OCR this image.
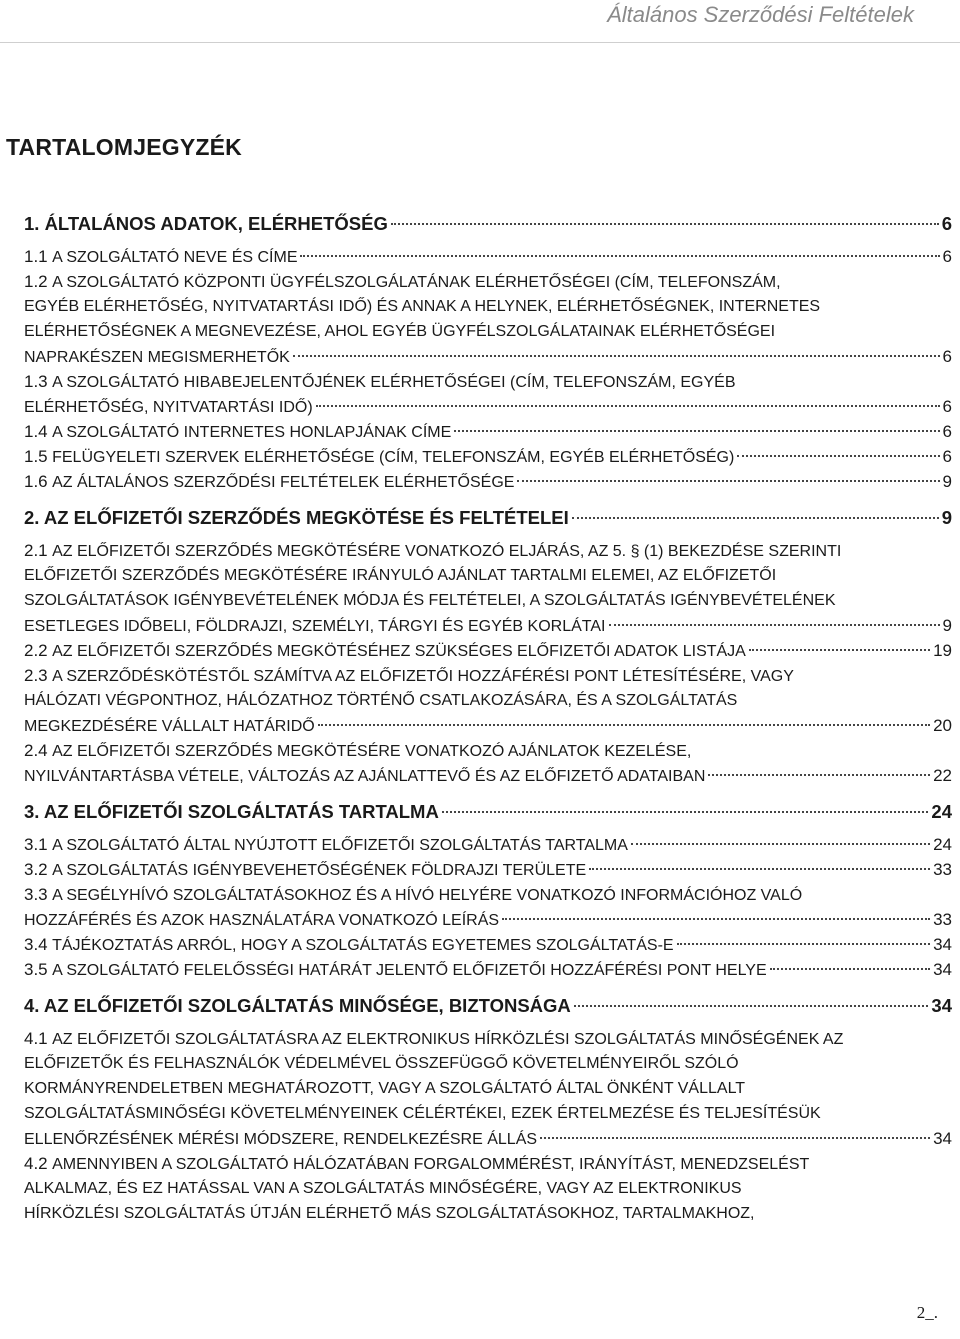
Általános Szerződési Feltételek
TARTALOMJEGYZÉK
1. ÁLTALÁNOS ADATOK, ELÉRHETŐSÉG	6
1.1
A SZOLGÁLTATÓ NEVE ÉS CÍME	6
1.2
A SZOLGÁLTATÓ KÖZPONTI ÜGYFÉLSZOLGÁLATÁNAK ELÉRHETŐSÉGEI (CÍM, TELEFONSZÁM,
EGYÉB ELÉRHETŐSÉG, NYITVATARTÁSI IDŐ) ÉS ANNAK A HELYNEK, ELÉRHETŐSÉGNEK, INTERNETES
ELÉRHETŐSÉGNEK A MEGNEVEZÉSE, AHOL EGYÉB ÜGYFÉLSZOLGÁLATAINAK ELÉRHETŐSÉGEI
NAPRAKÉSZEN MEGISMERHETŐK	6
1.3
A SZOLGÁLTATÓ HIBABEJELENTŐJÉNEK ELÉRHETŐSÉGEI (CÍM, TELEFONSZÁM, EGYÉB
ELÉRHETŐSÉG, NYITVATARTÁSI IDŐ)	6
1.4
A SZOLGÁLTATÓ INTERNETES HONLAPJÁNAK CÍME	6
1.5
FELÜGYELETI SZERVEK ELÉRHETŐSÉGE (CÍM, TELEFONSZÁM, EGYÉB ELÉRHETŐSÉG)	6
1.6
AZ ÁLTALÁNOS SZERZŐDÉSI FELTÉTELEK ELÉRHETŐSÉGE	9
2. AZ ELŐFIZETŐI SZERZŐDÉS MEGKÖTÉSE ÉS FELTÉTELEI	9
2.1
AZ ELŐFIZETŐI SZERZŐDÉS MEGKÖTÉSÉRE VONATKOZÓ ELJÁRÁS, AZ 5. § (1) BEKEZDÉSE SZERINTI
ELŐFIZETŐI SZERZŐDÉS MEGKÖTÉSÉRE IRÁNYULÓ AJÁNLAT TARTALMI ELEMEI, AZ ELŐFIZETŐI
SZOLGÁLTATÁSOK IGÉNYBEVÉTELÉNEK MÓDJA ÉS FELTÉTELEI, A SZOLGÁLTATÁS IGÉNYBEVÉTELÉNEK
ESETLEGES IDŐBELI, FÖLDRAJZI, SZEMÉLYI, TÁRGYI ÉS EGYÉB KORLÁTAI	9
2.2
AZ ELŐFIZETŐI SZERZŐDÉS MEGKÖTÉSÉHEZ SZÜKSÉGES ELŐFIZETŐI ADATOK LISTÁJA	19
2.3
A SZERZŐDÉSKÖTÉSTŐL SZÁMÍTVA AZ ELŐFIZETŐI HOZZÁFÉRÉSI PONT LÉTESÍTÉSÉRE, VAGY
HÁLÓZATI VÉGPONTHOZ, HÁLÓZATHOZ TÖRTÉNŐ CSATLAKOZÁSÁRA, ÉS A SZOLGÁLTATÁS
MEGKEZDÉSÉRE VÁLLALT HATÁRIDŐ	20
2.4
AZ ELŐFIZETŐI SZERZŐDÉS MEGKÖTÉSÉRE VONATKOZÓ AJÁNLATOK KEZELÉSE,
NYILVÁNTARTÁSBA VÉTELE, VÁLTOZÁS AZ AJÁNLATTEVŐ ÉS AZ ELŐFIZETŐ ADATAIBAN	22
3. AZ ELŐFIZETŐI SZOLGÁLTATÁS TARTALMA	24
3.1
A SZOLGÁLTATÓ ÁLTAL NYÚJTOTT ELŐFIZETŐI SZOLGÁLTATÁS TARTALMA	24
3.2
A SZOLGÁLTATÁS IGÉNYBEVEHETŐSÉGÉNEK FÖLDRAJZI TERÜLETE	33
3.3
A SEGÉLYHÍVÓ SZOLGÁLTATÁSOKHOZ ÉS A HÍVÓ HELYÉRE VONATKOZÓ INFORMÁCIÓHOZ VALÓ
HOZZÁFÉRÉS ÉS AZOK HASZNÁLATÁRA VONATKOZÓ LEÍRÁS	33
3.4
TÁJÉKOZTATÁS ARRÓL, HOGY A SZOLGÁLTATÁS EGYETEMES SZOLGÁLTATÁS-E	34
3.5
A SZOLGÁLTATÓ FELELŐSSÉGI HATÁRÁT JELENTŐ ELŐFIZETŐI HOZZÁFÉRÉSI PONT HELYE	34
4. AZ ELŐFIZETŐI SZOLGÁLTATÁS MINŐSÉGE, BIZTONSÁGA	34
4.1
AZ ELŐFIZETŐI SZOLGÁLTATÁSRA AZ ELEKTRONIKUS HÍRKÖZLÉSI SZOLGÁLTATÁS MINŐSÉGÉNEK AZ
ELŐFIZETŐK ÉS FELHASZNÁLÓK VÉDELMÉVEL ÖSSZEFÜGGŐ KÖVETELMÉNYEIRŐL SZÓLÓ
KORMÁNYRENDELETBEN MEGHATÁROZOTT, VAGY A SZOLGÁLTATÓ ÁLTAL ÖNKÉNT VÁLLALT
SZOLGÁLTATÁSMINŐSÉGI KÖVETELMÉNYEINEK CÉLÉRTÉKEI, EZEK ÉRTELMEZÉSE ÉS TELJESÍTÉSÜK
ELLENŐRZÉSÉNEK MÉRÉSI MÓDSZERE, RENDELKEZÉSRE ÁLLÁS	34
4.2
AMENNYIBEN A SZOLGÁLTATÓ HÁLÓZATÁBAN FORGALOMMÉRÉST, IRÁNYÍTÁST, MENEDZSELÉST
ALKALMAZ, ÉS EZ HATÁSSAL VAN A SZOLGÁLTATÁS MINŐSÉGÉRE, VAGY AZ ELEKTRONIKUS
HÍRKÖZLÉSI SZOLGÁLTATÁS ÚTJÁN ELÉRHETŐ MÁS SZOLGÁLTATÁSOKHOZ, TARTALMAKHOZ,
2_.
